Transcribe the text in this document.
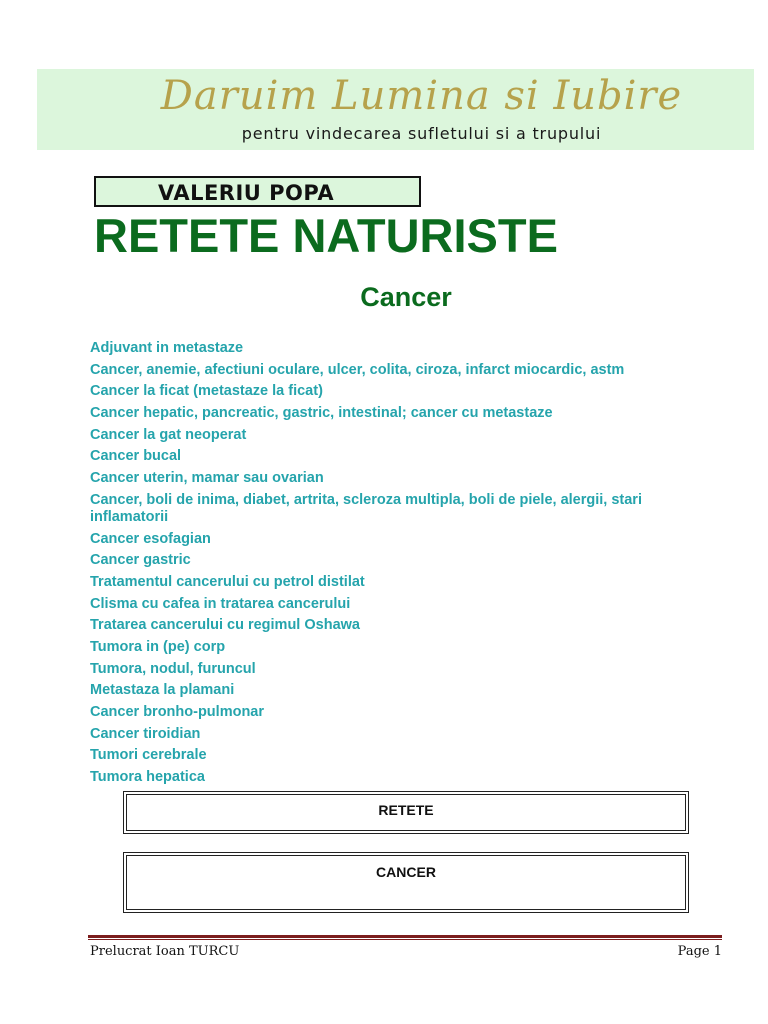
Daruim Lumina si Iubire
pentru vindecarea sufletului si a trupului
VALERIU POPA
RETETE NATURISTE
Cancer
Adjuvant in metastaze
Cancer, anemie, afectiuni oculare, ulcer, colita, ciroza, infarct miocardic, astm
Cancer la ficat (metastaze la ficat)
Cancer hepatic, pancreatic, gastric, intestinal; cancer cu metastaze
Cancer la gat neoperat
Cancer bucal
Cancer uterin, mamar sau ovarian
Cancer, boli de inima, diabet, artrita, scleroza multipla, boli de piele, alergii, stari inflamatorii
Cancer esofagian
Cancer gastric
Tratamentul cancerului cu petrol distilat
Clisma cu cafea in tratarea cancerului
Tratarea cancerului cu regimul Oshawa
Tumora in (pe) corp
Tumora, nodul, furuncul
Metastaza la plamani
Cancer bronho-pulmonar
Cancer tiroidian
Tumori cerebrale
Tumora hepatica
RETETE
CANCER
Prelucrat Ioan TURCU	Page 1
